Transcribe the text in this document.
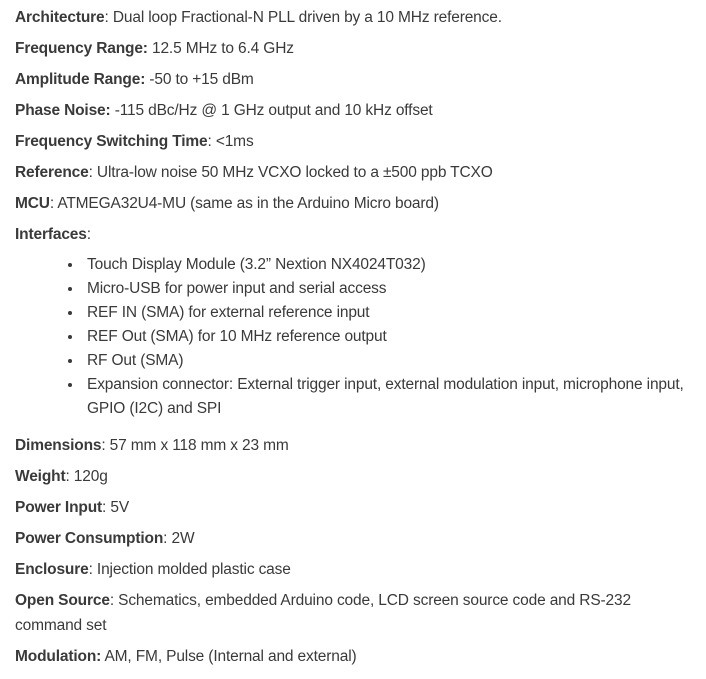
Architecture: Dual loop Fractional-N PLL driven by a 10 MHz reference.

Frequency Range: 12.5 MHz to 6.4 GHz

Amplitude Range: -50 to +15 dBm

Phase Noise: -115 dBc/Hz @ 1 GHz output and 10 kHz offset

Frequency Switching Time: <1ms

Reference: Ultra-low noise 50 MHz VCXO locked to a ±500 ppb TCXO

MCU: ATMEGA32U4-MU (same as in the Arduino Micro board)

Interfaces:

• Touch Display Module (3.2” Nextion NX4024T032)
• Micro-USB for power input and serial access
• REF IN (SMA) for external reference input
• REF Out (SMA) for 10 MHz reference output
• RF Out (SMA)
• Expansion connector: External trigger input, external modulation input, microphone input, GPIO (I2C) and SPI

Dimensions: 57 mm x 118 mm x 23 mm

Weight: 120g

Power Input: 5V

Power Consumption: 2W

Enclosure: Injection molded plastic case

Open Source: Schematics, embedded Arduino code, LCD screen source code and RS-232 command set

Modulation: AM, FM, Pulse (Internal and external)
